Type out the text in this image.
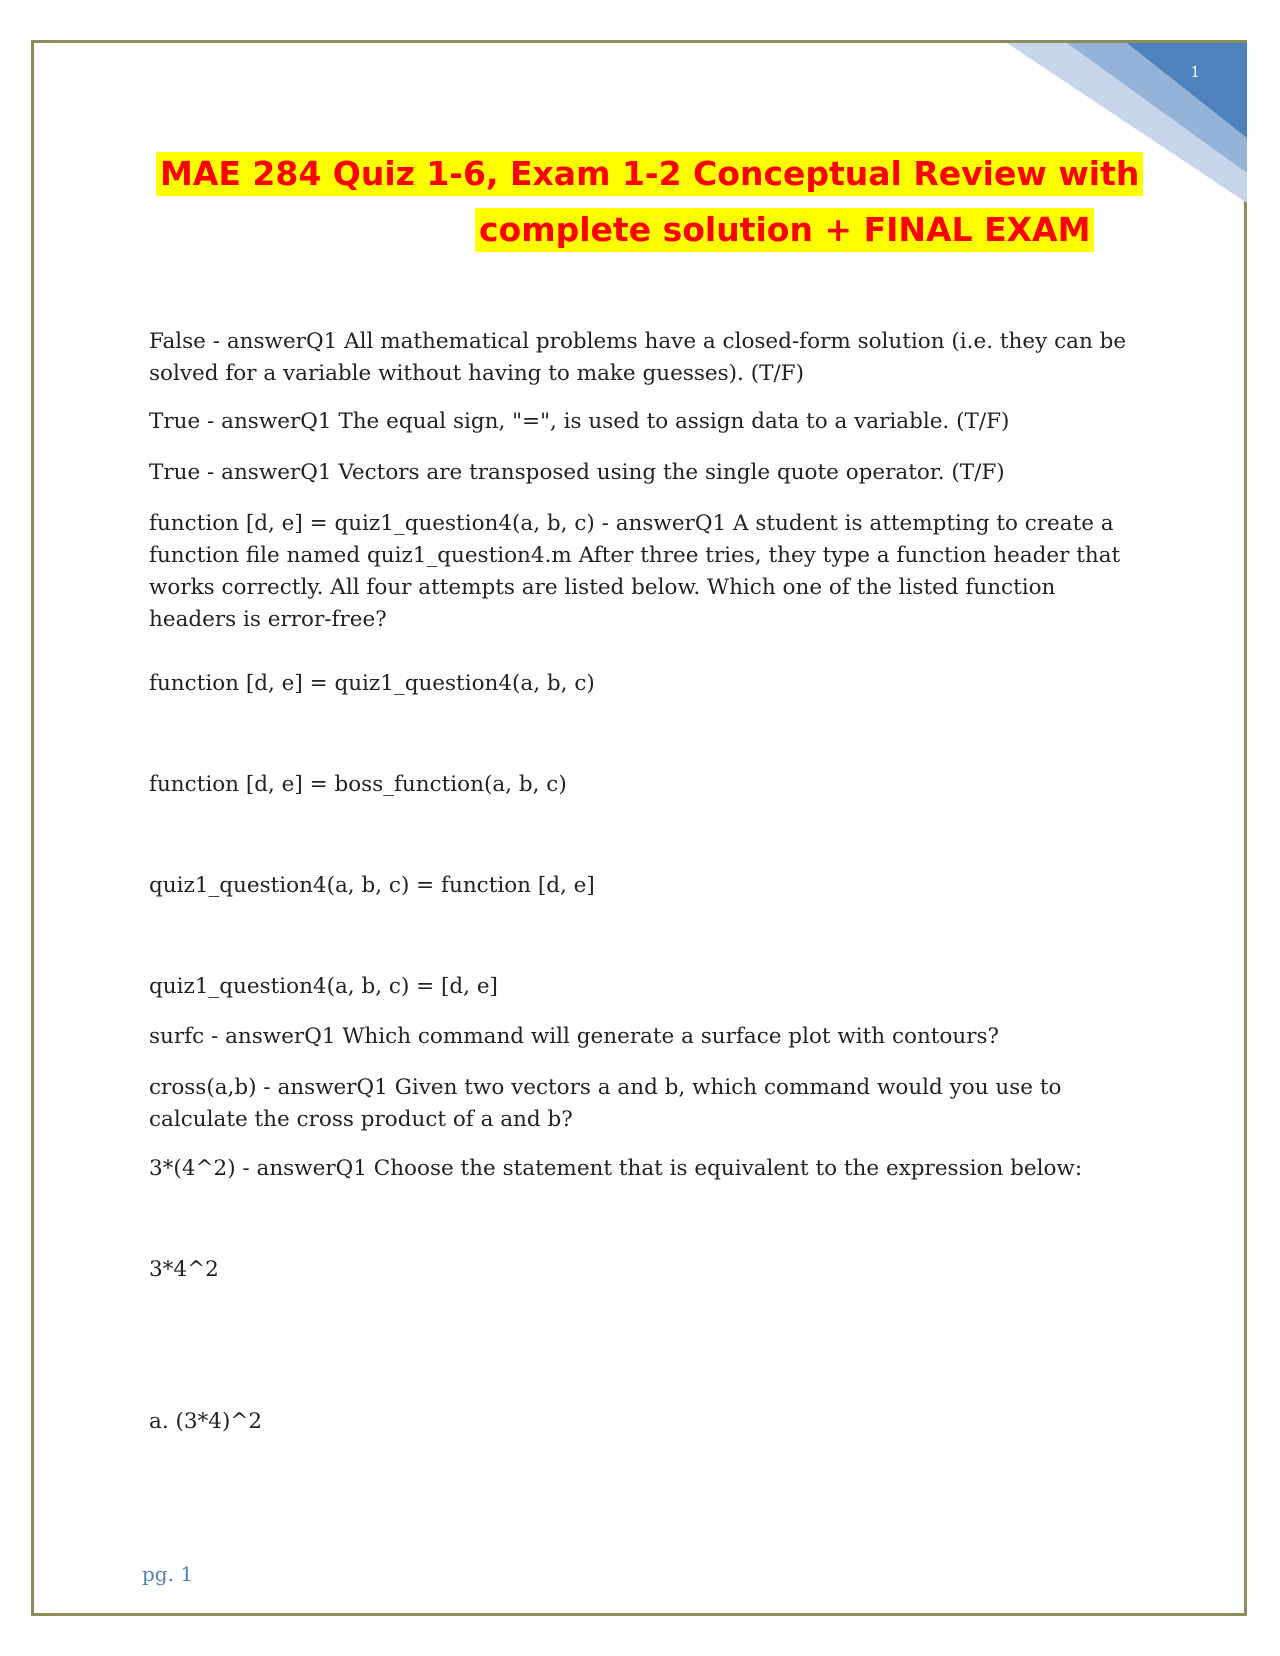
1
MAE 284 Quiz 1-6, Exam 1-2 Conceptual Review with
complete solution + FINAL EXAM

False - answerQ1 All mathematical problems have a closed-form solution (i.e. they can be solved for a variable without having to make guesses). (T/F)

True - answerQ1 The equal sign, "=", is used to assign data to a variable. (T/F)

True - answerQ1 Vectors are transposed using the single quote operator. (T/F)

function [d, e] = quiz1_question4(a, b, c) - answerQ1 A student is attempting to create a function file named quiz1_question4.m After three tries, they type a function header that works correctly. All four attempts are listed below. Which one of the listed function headers is error-free?

function [d, e] = quiz1_question4(a, b, c)

function [d, e] = boss_function(a, b, c)

quiz1_question4(a, b, c) = function [d, e]

quiz1_question4(a, b, c) = [d, e]

surfc - answerQ1 Which command will generate a surface plot with contours?

cross(a,b) - answerQ1 Given two vectors a and b, which command would you use to calculate the cross product of a and b?

3*(4^2) - answerQ1 Choose the statement that is equivalent to the expression below:

3*4^2

a. (3*4)^2

pg. 1
